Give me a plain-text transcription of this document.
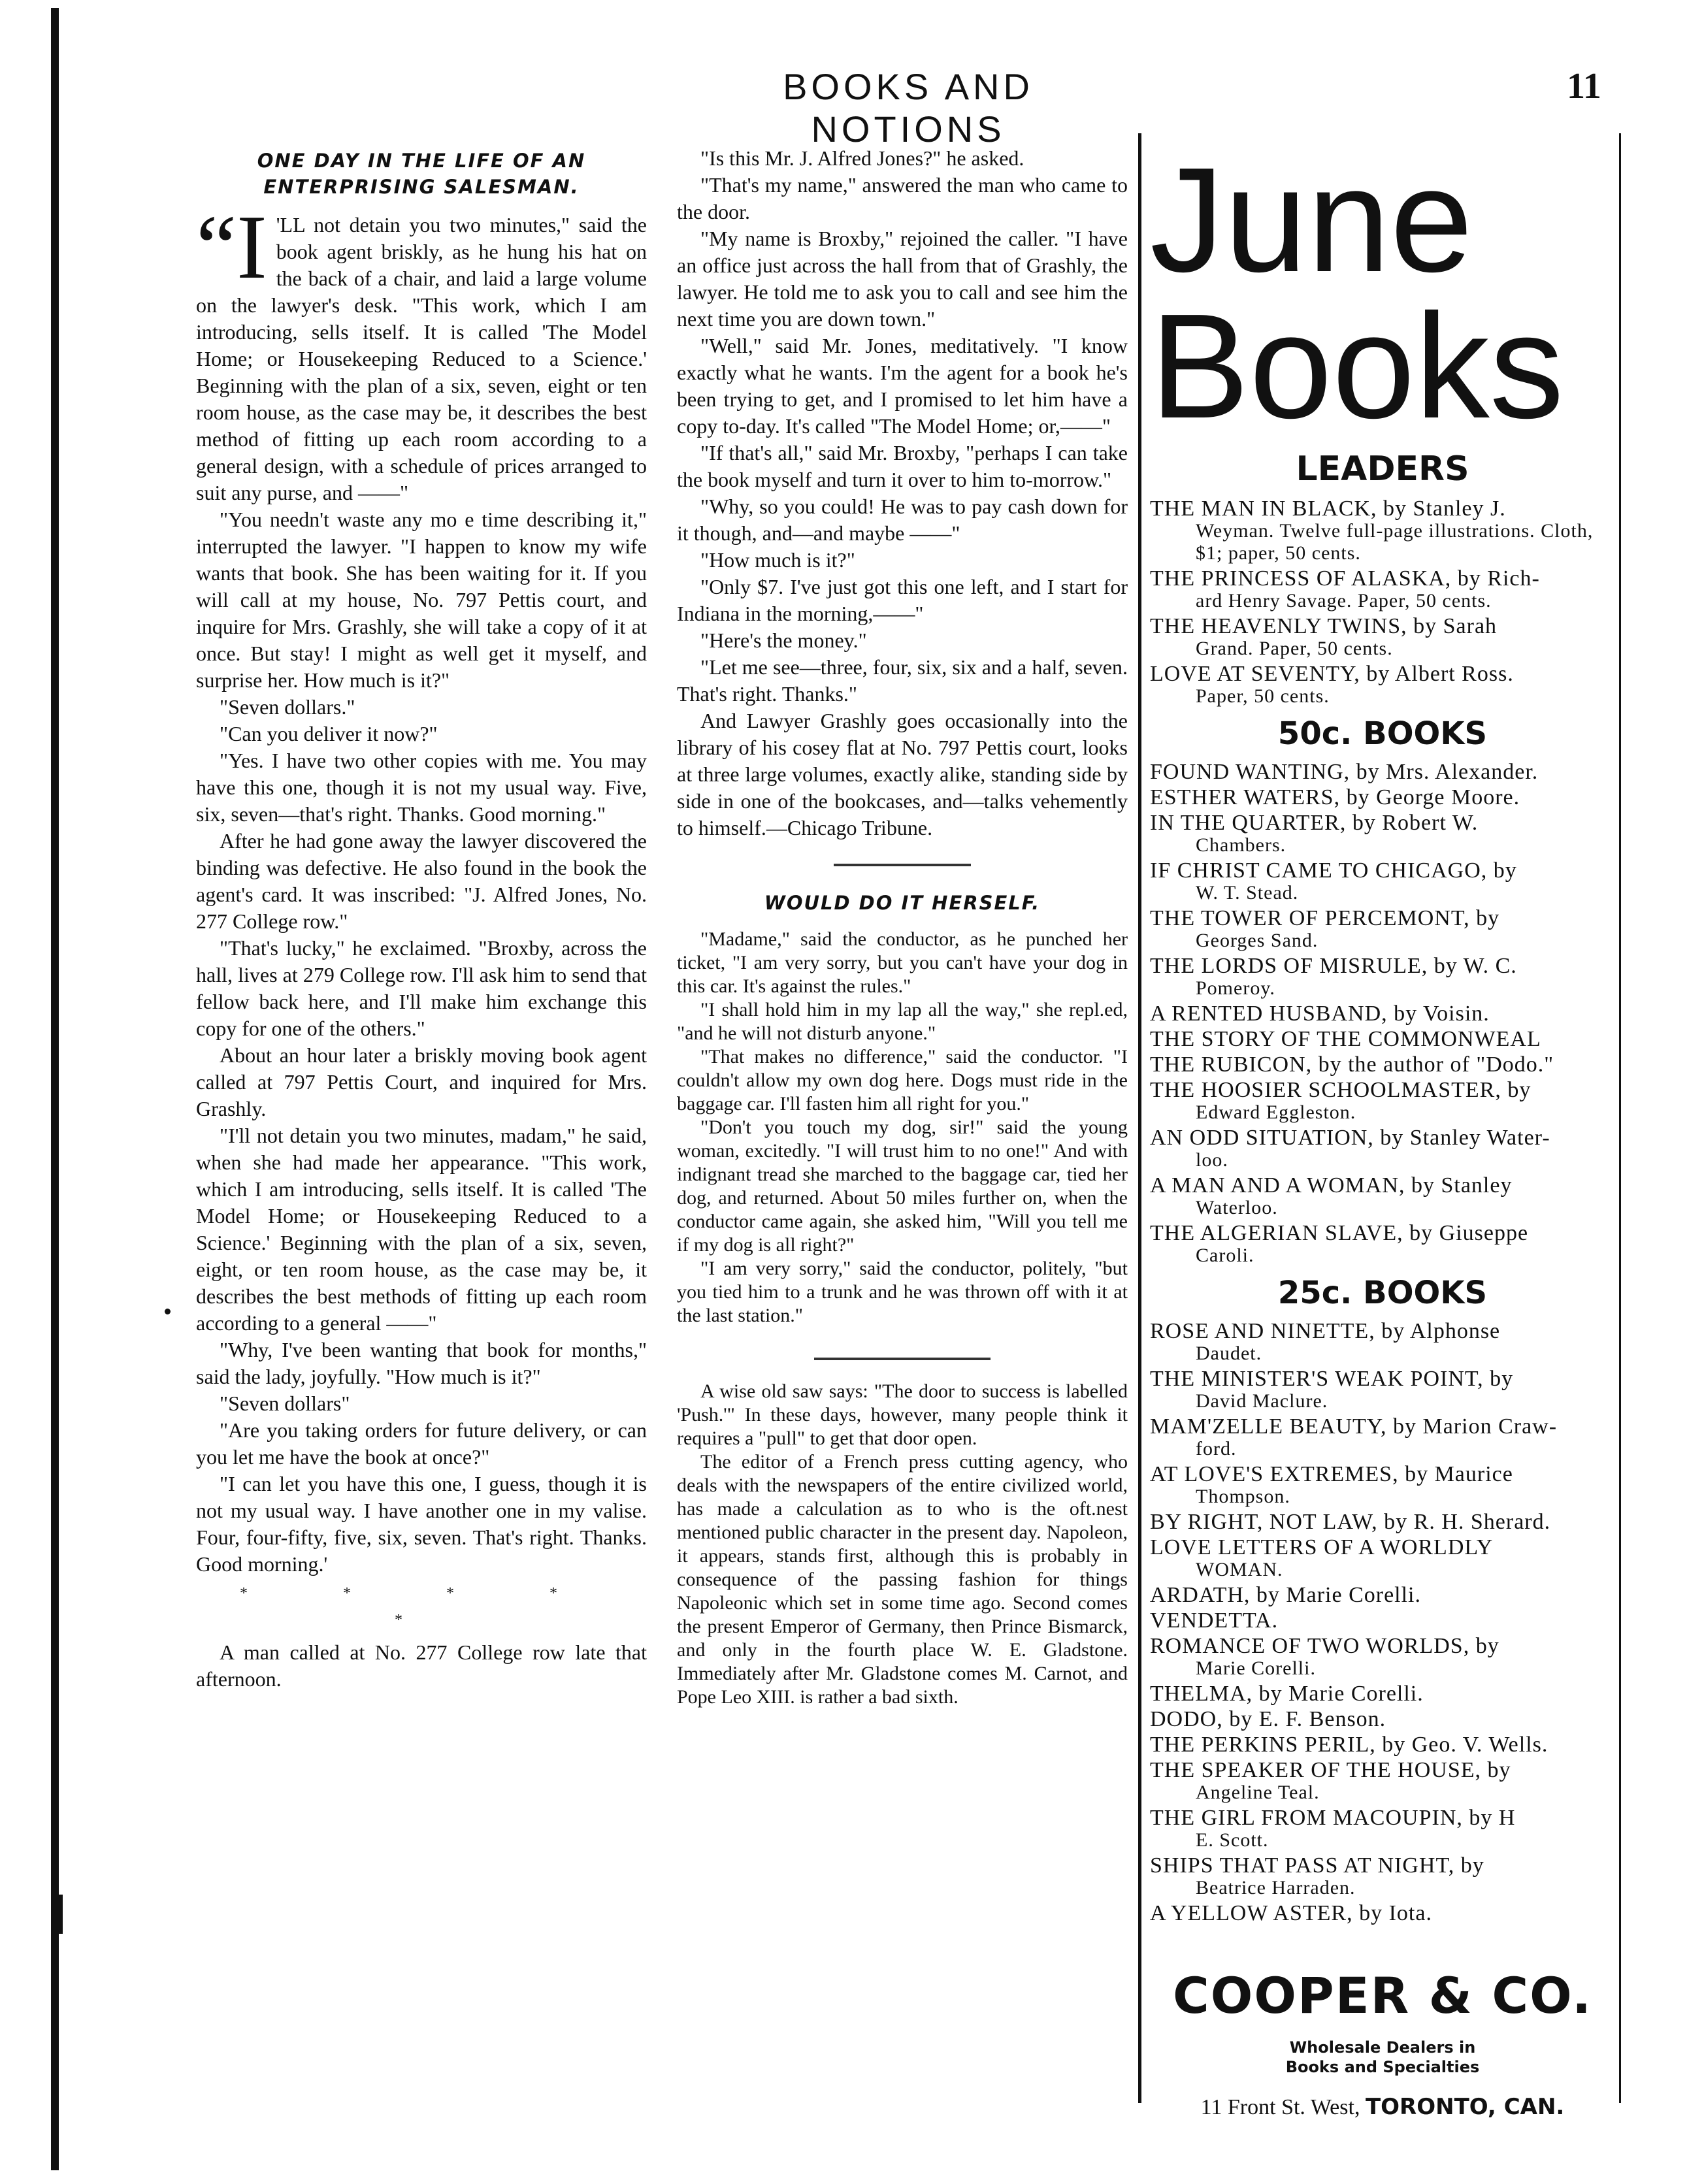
BOOKS AND NOTIONS
11
ONE DAY IN THE LIFE OF AN ENTERPRISING SALESMAN.
“I 'LL not detain you two minutes," said the book agent briskly, as he hung his hat on the back of a chair, and laid a large volume on the lawyer's desk. "This work, which I am introducing, sells itself. It is called 'The Model Home; or Housekeeping Reduced to a Science.' Beginning with the plan of a six, seven, eight or ten room house, as the case may be, it describes the best method of fitting up each room according to a general design, with a schedule of prices arranged to suit any purse, and ——"

"You needn't waste any mo e time describing it," interrupted the lawyer. "I happen to know my wife wants that book. She has been waiting for it. If you will call at my house, No. 797 Pettis court, and inquire for Mrs. Grashly, she will take a copy of it at once. But stay! I might as well get it myself, and surprise her. How much is it?"

"Seven dollars."

"Can you deliver it now?"

"Yes. I have two other copies with me. You may have this one, though it is not my usual way. Five, six, seven—that's right. Thanks. Good morning."

After he had gone away the lawyer discovered the binding was defective. He also found in the book the agent's card. It was inscribed: "J. Alfred Jones, No. 277 College row."

"That's lucky," he exclaimed. "Broxby, across the hall, lives at 279 College row. I'll ask him to send that fellow back here, and I'll make him exchange this copy for one of the others."

About an hour later a briskly moving book agent called at 797 Pettis Court, and inquired for Mrs. Grashly.

"I'll not detain you two minutes, madam," he said, when she had made her appearance. "This work, which I am introducing, sells itself. It is called 'The Model Home; or Housekeeping Reduced to a Science.' Beginning with the plan of a six, seven, eight, or ten room house, as the case may be, it describes the best methods of fitting up each room according to a general ——"

"Why, I've been wanting that book for months," said the lady, joyfully. "How much is it?"

"Seven dollars"

"Are you taking orders for future delivery, or can you let me have the book at once?"

"I can let you have this one, I guess, though it is not my usual way. I have another one in my valise. Four, four-fifty, five, six, seven. That's right. Thanks. Good morning.'

* * * * *

A man called at No. 277 College row late that afternoon.

"Is this Mr. J. Alfred Jones?" he asked.

"That's my name," answered the man who came to the door.

"My name is Broxby," rejoined the caller. "I have an office just across the hall from that of Grashly, the lawyer. He told me to ask you to call and see him the next time you are down town."

"Well," said Mr. Jones, meditatively. "I know exactly what he wants. I'm the agent for a book he's been trying to get, and I promised to let him have a copy to-day. It's called "The Model Home; or,——"

"If that's all," said Mr. Broxby, "perhaps I can take the book myself and turn it over to him to-morrow."

"Why, so you could! He was to pay cash down for it though, and—and maybe ——"

"How much is it?"

"Only $7. I've just got this one left, and I start for Indiana in the morning,——"

"Here's the money."

"Let me see—three, four, six, six and a half, seven. That's right. Thanks."

And Lawyer Grashly goes occasionally into the library of his cosey flat at No. 797 Pettis court, looks at three large volumes, exactly alike, standing side by side in one of the bookcases, and—talks vehemently to himself.—Chicago Tribune.

WOULD DO IT HERSELF.

"Madame," said the conductor, as he punched her ticket, "I am very sorry, but you can't have your dog in this car. It's against the rules."

"I shall hold him in my lap all the way," she repl.ed, "and he will not disturb anyone."

"That makes no difference," said the conductor. "I couldn't allow my own dog here. Dogs must ride in the baggage car. I'll fasten him all right for you."

"Don't you touch my dog, sir!" said the young woman, excitedly. "I will trust him to no one!" And with indignant tread she marched to the baggage car, tied her dog, and returned. About 50 miles further on, when the conductor came again, she asked him, "Will you tell me if my dog is all right?"

"I am very sorry," said the conductor, politely, "but you tied him to a trunk and he was thrown off with it at the last station."

A wise old saw says: "The door to success is labelled 'Push.'" In these days, however, many people think it requires a "pull" to get that door open.

The editor of a French press cutting agency, who deals with the newspapers of the entire civilized world, has made a calculation as to who is the oft.nest mentioned public character in the present day. Napoleon, it appears, stands first, although this is probably in consequence of the passing fashion for things Napoleonic which set in some time ago. Second comes the present Emperor of Germany, then Prince Bismarck, and only in the fourth place W. E. Gladstone. Immediately after Mr. Gladstone comes M. Carnot, and Pope Leo XIII. is rather a bad sixth.

June
Books
LEADERS
THE MAN IN BLACK, by Stanley J.
Weyman. Twelve full-page illustrations. Cloth, $1; paper, 50 cents.
THE PRINCESS OF ALASKA, by Rich-
ard Henry Savage. Paper, 50 cents.
THE HEAVENLY TWINS, by Sarah
Grand. Paper, 50 cents.
LOVE AT SEVENTY, by Albert Ross.
Paper, 50 cents.
50c. BOOKS
FOUND WANTING, by Mrs. Alexander.
ESTHER WATERS, by George Moore.
IN THE QUARTER, by Robert W.
Chambers.
IF CHRIST CAME TO CHICAGO, by
W. T. Stead.
THE TOWER OF PERCEMONT, by
Georges Sand.
THE LORDS OF MISRULE, by W. C.
Pomeroy.
A RENTED HUSBAND, by Voisin.
THE STORY OF THE COMMONWEAL
THE RUBICON, by the author of "Dodo."
THE HOOSIER SCHOOLMASTER, by
Edward Eggleston.
AN ODD SITUATION, by Stanley Water-
loo.
A MAN AND A WOMAN, by Stanley
Waterloo.
THE ALGERIAN SLAVE, by Giuseppe
Caroli.
25c. BOOKS
ROSE AND NINETTE, by Alphonse
Daudet.
THE MINISTER'S WEAK POINT, by
David Maclure.
MAM'ZELLE BEAUTY, by Marion Craw-
ford.
AT LOVE'S EXTREMES, by Maurice
Thompson.
BY RIGHT, NOT LAW, by R. H. Sherard.
LOVE LETTERS OF A WORLDLY
WOMAN.
ARDATH, by Marie Corelli.
VENDETTA.
ROMANCE OF TWO WORLDS, by
Marie Corelli.
THELMA, by Marie Corelli.
DODO, by E. F. Benson.
THE PERKINS PERIL, by Geo. V. Wells.
THE SPEAKER OF THE HOUSE, by
Angeline Teal.
THE GIRL FROM MACOUPIN, by H
E. Scott.
SHIPS THAT PASS AT NIGHT, by
Beatrice Harraden.
A YELLOW ASTER, by Iota.
COOPER & CO.
Wholesale Dealers in
Books and Specialties
11 Front St. West, TORONTO, CAN.
